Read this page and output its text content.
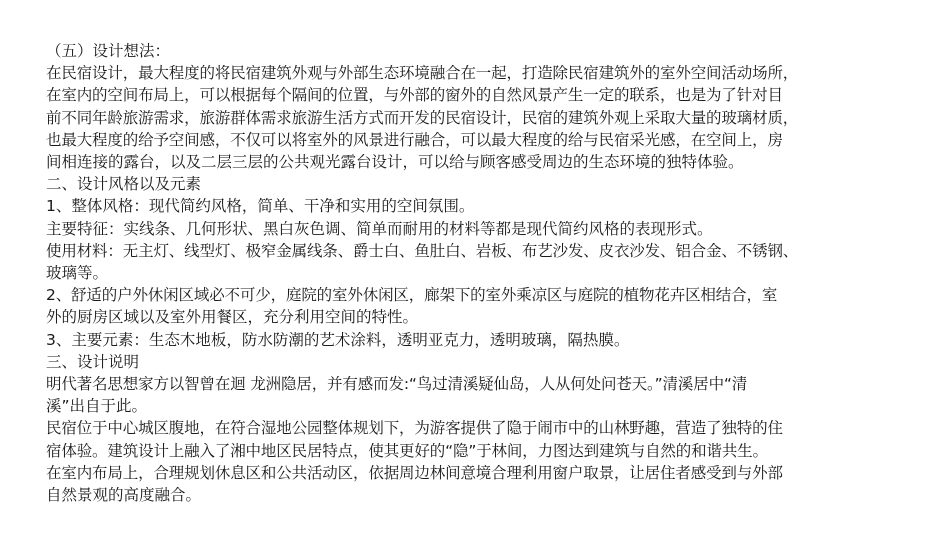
（五）设计想法：
在民宿设计，最大程度的将民宿建筑外观与外部生态环境融合在一起，打造除民宿建筑外的室外空间活动场所，
在室内的空间布局上，可以根据每个隔间的位置，与外部的窗外的自然风景产生一定的联系，也是为了针对目
前不同年龄旅游需求，旅游群体需求旅游生活方式而开发的民宿设计，民宿的建筑外观上采取大量的玻璃材质，
也最大程度的给予空间感，不仅可以将室外的风景进行融合，可以最大程度的给与民宿采光感，在空间上，房
间相连接的露台，以及二层三层的公共观光露台设计，可以给与顾客感受周边的生态环境的独特体验。
二、设计风格以及元素
1、整体风格：现代简约风格，简单、干净和实用的空间氛围。
主要特征：实线条、几何形状、黑白灰色调、简单而耐用的材料等都是现代简约风格的表现形式。
使用材料：无主灯、线型灯、极窄金属线条、爵士白、鱼肚白、岩板、布艺沙发、皮衣沙发、铝合金、不锈钢、
玻璃等。
2、舒适的户外休闲区域必不可少，庭院的室外休闲区，廊架下的室外乘凉区与庭院的植物花卉区相结合，室
外的厨房区域以及室外用餐区，充分利用空间的特性。
3、主要元素：生态木地板，防水防潮的艺术涂料，透明亚克力，透明玻璃，隔热膜。
三、设计说明
明代著名思想家方以智曾在迴 龙洲隐居，并有感而发:“鸟过清溪疑仙岛，人从何处问苍天。”清溪居中“清
溪”出自于此。
民宿位于中心城区腹地，在符合湿地公园整体规划下，为游客提供了隐于闹市中的山林野趣，营造了独特的住
宿体验。建筑设计上融入了湘中地区民居特点，使其更好的“隐”于林间，力图达到建筑与自然的和谐共生。
在室内布局上，合理规划休息区和公共活动区，依据周边林间意境合理利用窗户取景，让居住者感受到与外部
自然景观的高度融合。
